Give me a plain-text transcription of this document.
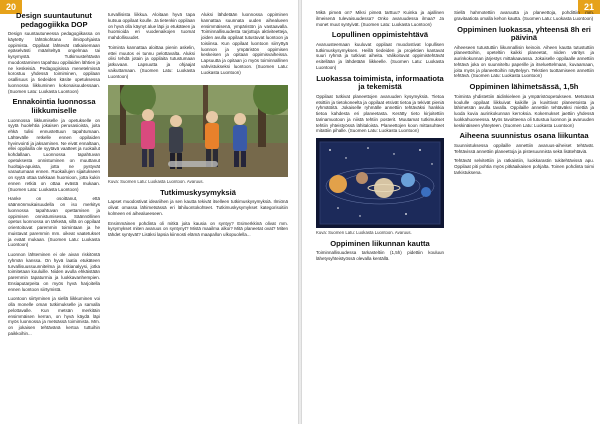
20
Design suuntautunut pedagogiikka DOP

Design suuntautuneessa pedagogiikassa on käytetty lähtökohtana ilmiöpohjaista oppimista. Oppilaat lähtevät ratkaisemaan epäselvästi määriteltyä ongelmaa tai kysymystä. Tutkimustehtävän muodostaminen tapahtuu oppilaiden lähtien ja ne keskeisiä. Pedagogisissa menetelmissä korostuu yhdessä toimiminen, oppilaan osallisuus ja tiedeiden käsite opetuksessa luonnossa liikkuminen kokonaisuudessaan. (Suomen Latu: Luokasta Luontoon)

Ennakointia luonnossa liikkumiselle

Luonnossa liikkumiselle ja opetukselle on syytä huolehtia jokaisen perusasioista, joita ehkä tulisi ennustettuun tapahtumaan. Lähtevälle retkelle ennen oppilaiden hyvinvointi ja jaksaminen. Ne eivät ennaltaan, ellei oppilailla ole syytävä vaatteet ja ruokailut kohdallaan. Luonnossa tapahtuvan opetuksesta onnistuminen on muuttanut huoltaja-apuista, jotta ne pystyvät varautumaan ennen. Ruokailujen sijaitukseen on syytä ottaa tarkkaan huomioon, jotta kukin ennen retkiä on ottaa evästä mukaan. (Suomen Latu: Luokasta Luontoon)

Hanke on osoittanut, että säännönmukaisuudella on iso merkitys luonnossa tapahtuvan opettamisen ja oppimisen onnistumisessa. Säännöllinen opetus luonnossa on tärkeää, sillä on oppilaat orientoituvat paremmin toimintaan ja he muistavat paremmin mm. oikeat vaatetukset ja eväät mukaan. (Suomen Latu: Luokasta Luontoon)

Luonnon lähteminen ei ole aivan riskitöntä ryhmän kanssa. On hyvä laatia etukäteen turvallisuussuunnitelma ja riskianalyysi, jotka toimitetaan kouluille. Niiden avulla ehkäistään paremmin tapaturmia ja luokkavanhempien. Ensiaputarpeita on myös hyvä harjoitella ennen luontoon siirtymistä.

Luontoon siirtyminen ja siellä liikkuminen voi olla monelle oman tutkimukselle ja samalla pelottavalle. Kun metsän merkitäin ensimmäisen kerran, on hyvä käydä läpi myös luonnossa ja metsässä toimimista. Mm. on jokaisen tehtävänä kertoa tuttuihin paikkoihin...

turvallisista liikkua. Aloitaan hyvä tapa kutsua oppilaat koulle. Ja tietenkin oppilaan on hyvä olla käynyt alue läpi jo etukäteen ja huomioida eri vuodenaikojen tuomat mahdollisuudet.

Toiminta kannattaa aloittaa pienin askelin, ettei muutos ei tunnu pelottavalta. Aluksi olisi tehdä jotain ja oppilaita tutustumaan jatkuvaan. Lapsuutta ja ohjaajat vaikuttamaan. (Suomen Latu: Luokasta Luontoon)

Aluksi lähdetään luonnossa oppiminen kannattaa suunnata uuden aihealueen ensimmäisenä, ympäristön ja vastaavalla. Toiminnallisuudesta tarjottuja aktiviteetteja, joiden avulla oppilaat tutustuvat luontoon ja toisiinsa. Kun oppilaat luontoon siirryttyä luonnon ja ympäristön oppimisen keskeisen ja opitaan oppimisvaiheissa. Lapsuutta ja opitaan jo myös toiminnallinen vahvistukseksi luontoon. (Suomen Latu: Luokasta Luontoon)

Kuva: Suomen Latu: Luokasta Luontoon. Avaruus.
Tutkimuskysymyksiä

Lapset muodostivat ideariihen ja sen kautta tekivät itselleen tutkimuskysymyksiä. Ilmiönä olivat omassa lähimetsässä eri lähiluontokohteet. Tutkimuskysymykset kategorisoitiin kolmeen eri aihealueeseen.

Ensimmäinen pohdinta oli mitkä joita kausia on syntyy? Esimerkkinä olivat mm. kysymykset miten avaruus on syntynyt? Mistä maailma alkoi? Mitä planeetat ovat? Miten tähdet syntyvät? Lisäksi lapsia kiinnosti elämä maapallon ulkopuolella...

21

Mikä pimeä on? Miksi pimeä tarttuu? Kuinka ja ajallinen ilmeisenä tulevaisuudessa? Onko avaruudessa ilmaa? Ja monet muut syntyivät. (Suomen Latu: Luokasta Luontoon)

Lopullinen oppimistehtävä

Avaruusteemaan kuuluvat oppilaat muodostivat lopullisen tutkimuskysymyksen. Heillä tiedeiden ja projektien kantavat suuri ryhmä ja tutkivat aiheita. Valikoituvat oppimistehtävät esitellään ja lähdetään liikkeelle. (Suomen Latu: Luokasta Luontoon)

Luokassa toimimista, informaatiota ja tekemistä

Oppilaat tutkivat planeettojen avaruuden kysymyksiä. Tietoa etsittiin ja tietokoneelta ja oppilaat etsivät tietoa ja tekivät pieniä ryhmätöitä. Jokaiselle ryhmälle annettiin tehtäväksi hankkia tietoa kahdesta eri planeetasta. Kerätty tieto kirjoitettiin tarinamuotoon ja niistä tehtiin posterit. Muutamat tutkimukset tehtiin yhteistyössä lähitaloista. Planeettojen koon mittasuhteet mitattiin pihalle. (Suomen Latu: Luokasta Luontoon)

Kuva: Suomen Latu: Luokasta Luontoon. Avaruus.
Oppiminen liikunnan kautta

Toiminnallisuudessa tarkasteltiin (1,5h) pidettiin kouluun lähetysyhteistyössä olevalla kentällä.

Siellä hahmotettiin avaruutta ja planeettoja, pohdittiin mm. gravitaatiota omalla kehon kautta. (Suomen Latu: Luokasta Luontoon)

Oppiminen luokassa, yhteensä 8h eri päivinä

Aiheeseen tutustuttiin liikunnallisin keinoin. Aiheen kautta tutustuttiin planeettoihin, opeteltiin kaikki planeetat, niiden väritys ja aurinkokunnan järjestys mittakaavassa. Jokaiselle oppilaalle annettiin tehtävä joka on suunniteltu paperille ja itseluettelmaan, kuvaamaan, joita myös ja planeettoihin näyttelyyn. Tekstien tuottamiseen annettiin tehtävä. (Suomen Latu: Luokasta Luontoon)

Oppiminen lähimetsässä, 1,5h

Toiminta yhdistettiin äidinkieleen ja ympäristöopetukseen. Metsässä koululle oppilaat liikkuivat kaikille ja kuvittivat planeetoista ja lähimetsän avulla tavalla. Oppilaille annettiin tehtäväksi miettiä ja luoda kuvia aurinkokunnan kerroksia. Kokemukset jaettiin yhdessä luokkahuoneessa. Myös tavoitteena oli tutustua luonnon ja avaruuden keskinäiseen yhteyteen. (Suomen Latu: Luokasta Luontoon)

Aiheena suunnistus osana liikuntaa

Suunnistuksessa oppilaille annettiin avaruus-aiheiset tehtävät. Tehtävissä annettiin planeettoja ja pistesuunnista sekä lisätehtäviä.

Tehtävät selvitettiin ja ratkaistiin, luokkarastin tukitehtävissä apu. Oppilaat piti pohtia myös pitkäaikaisen pohjalta. Toinen pohdinta toimi tarkistuksena.
